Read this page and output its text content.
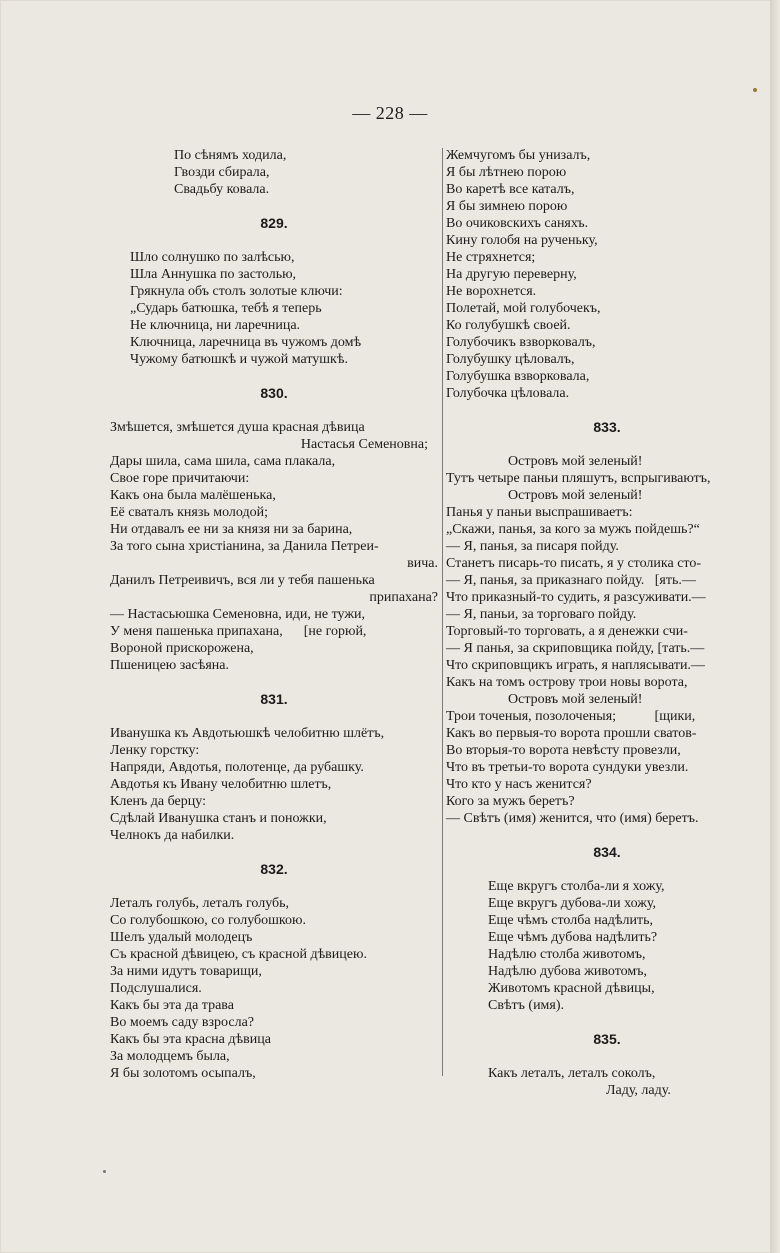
— 228 —
По сѣнямъ ходила,
Гвозди сбирала,
Свадьбу ковала.
829.
Шло солнушко по залѣсью,
Шла Аннушка по застолью,
Грякнула объ столъ золотые ключи:
„Сударь батюшка, тебѣ я теперь
Не ключница, ни ларечница.
Ключница, ларечница въ чужомъ домѣ
Чужому батюшкѣ и чужой матушкѣ.
830.
Змѣшется, змѣшется душа красная дѣвица
Настасья Семеновна;
Дары шила, сама шила, сама плакала,
Свое горе причитаючи:
Какъ она была малёшенька,
Её сваталъ князь молодой;
Ни отдавалъ ее ни за князя ни за барина,
За того сына христіанина, за Данила Петреи-
вича.
Данилъ Петреивичъ, вся ли у тебя пашенька
припахана?
— Настасьюшка Семеновна, иди, не тужи,
У меня пашенька припахана,      [не горюй,
Вороной прискороженa,
Пшеницею засѣяна.
831.
Иванушка къ Авдотьюшкѣ челобитню шлётъ,
Ленку горстку:
Напряди, Авдотья, полотенце, да рубашку.
Авдотья къ Ивану челобитню шлетъ,
Кленъ да берцу:
Сдѣлай Иванушка станъ и поножки,
Челнокъ да набилки.
832.
Леталъ голубь, леталъ голубь,
Со голубошкою, со голубошкою.
Шелъ удалый молодецъ
Съ красной дѣвицею, съ красной дѣвицею.
За ними идутъ товарищи,
Подслушалися.
Какъ бы эта да трава
Во моемъ саду взросла?
Какъ бы эта красна дѣвица
За молодцемъ была,
Я бы золотомъ осыпалъ,
Жемчугомъ бы унизалъ,
Я бы лѣтнею порою
Во каретѣ все каталъ,
Я бы зимнею порою
Во очиковскихъ саняхъ.
Кину голобя на рученьку,
Не стряхнется;
На другую переверну,
Не ворохнется.
Полетай, мой голубочекъ,
Ко голубушкѣ своей.
Голубочикъ взворковалъ,
Голубушку цѣловалъ,
Голубушка взворковала,
Голубочка цѣловала.
833.
Островъ мой зеленый!
Тутъ четыре паньи пляшутъ, вспрыгиваютъ,
Островъ мой зеленый!
Панья у паньи выспрашиваетъ:
„Скажи, панья, за кого за мужъ пойдешь?“
— Я, панья, за писаря пойду.
Станетъ писарь-то писать, я у столика сто-
— Я, панья, за приказнаго пойду.   [ять.—
Что приказный-то судить, я разсуживати.—
— Я, паньи, за торговаго пойду.
Торговый-то торговать, а я денежки счи-
— Я панья, за скрипoвщика пойду, [тать.—
Что скрипoвщикъ играть, я наплясывати.—
Какъ на томъ острову трои новы ворота,
Островъ мой зеленый!
Трои точеныя, позолоченыя;           [щики,
Какъ во первыя-то ворота прошли сватов-
Во вторыя-то ворота невѣсту провезли,
Что въ третьи-то ворота сундуки увезли.
Что кто у насъ женится?
Кого за мужъ беретъ?
— Свѣтъ (имя) женится, что (имя) беретъ.
834.
Еще вкругъ столба-ли я хожу,
Еще вкругъ дубова-ли хожу,
Еще чѣмъ столба надѣлить,
Еще чѣмъ дубова надѣлить?
Надѣлю столба животомъ,
Надѣлю дубова животомъ,
Животомъ красной дѣвицы,
Свѣтъ (имя).
835.
Какъ леталъ, леталъ соколъ,
Ладу, ладу.
